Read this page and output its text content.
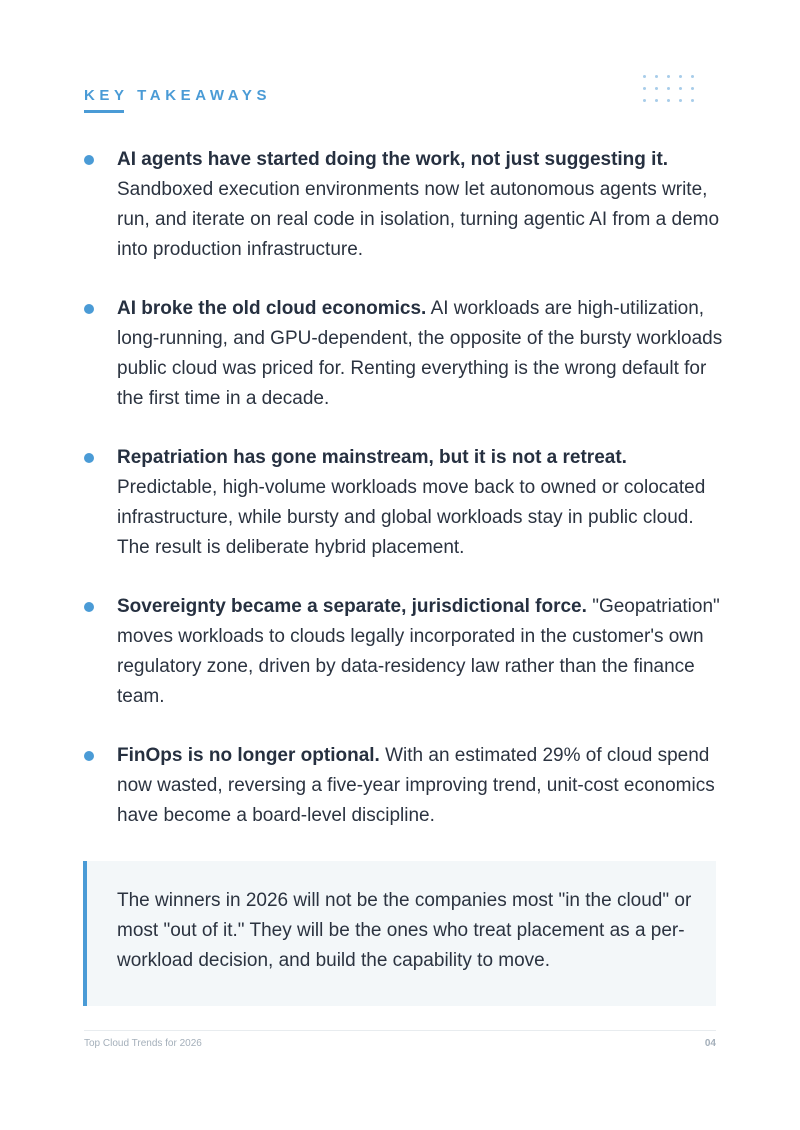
KEY TAKEAWAYS
AI agents have started doing the work, not just suggesting it. Sandboxed execution environments now let autonomous agents write, run, and iterate on real code in isolation, turning agentic AI from a demo into production infrastructure.
AI broke the old cloud economics. AI workloads are high-utilization, long-running, and GPU-dependent, the opposite of the bursty workloads public cloud was priced for. Renting everything is the wrong default for the first time in a decade.
Repatriation has gone mainstream, but it is not a retreat. Predictable, high-volume workloads move back to owned or colocated infrastructure, while bursty and global workloads stay in public cloud. The result is deliberate hybrid placement.
Sovereignty became a separate, jurisdictional force. "Geopatriation" moves workloads to clouds legally incorporated in the customer's own regulatory zone, driven by data-residency law rather than the finance team.
FinOps is no longer optional. With an estimated 29% of cloud spend now wasted, reversing a five-year improving trend, unit-cost economics have become a board-level discipline.
The winners in 2026 will not be the companies most "in the cloud" or most "out of it." They will be the ones who treat placement as a per-workload decision, and build the capability to move.
Top Cloud Trends for 2026	04
